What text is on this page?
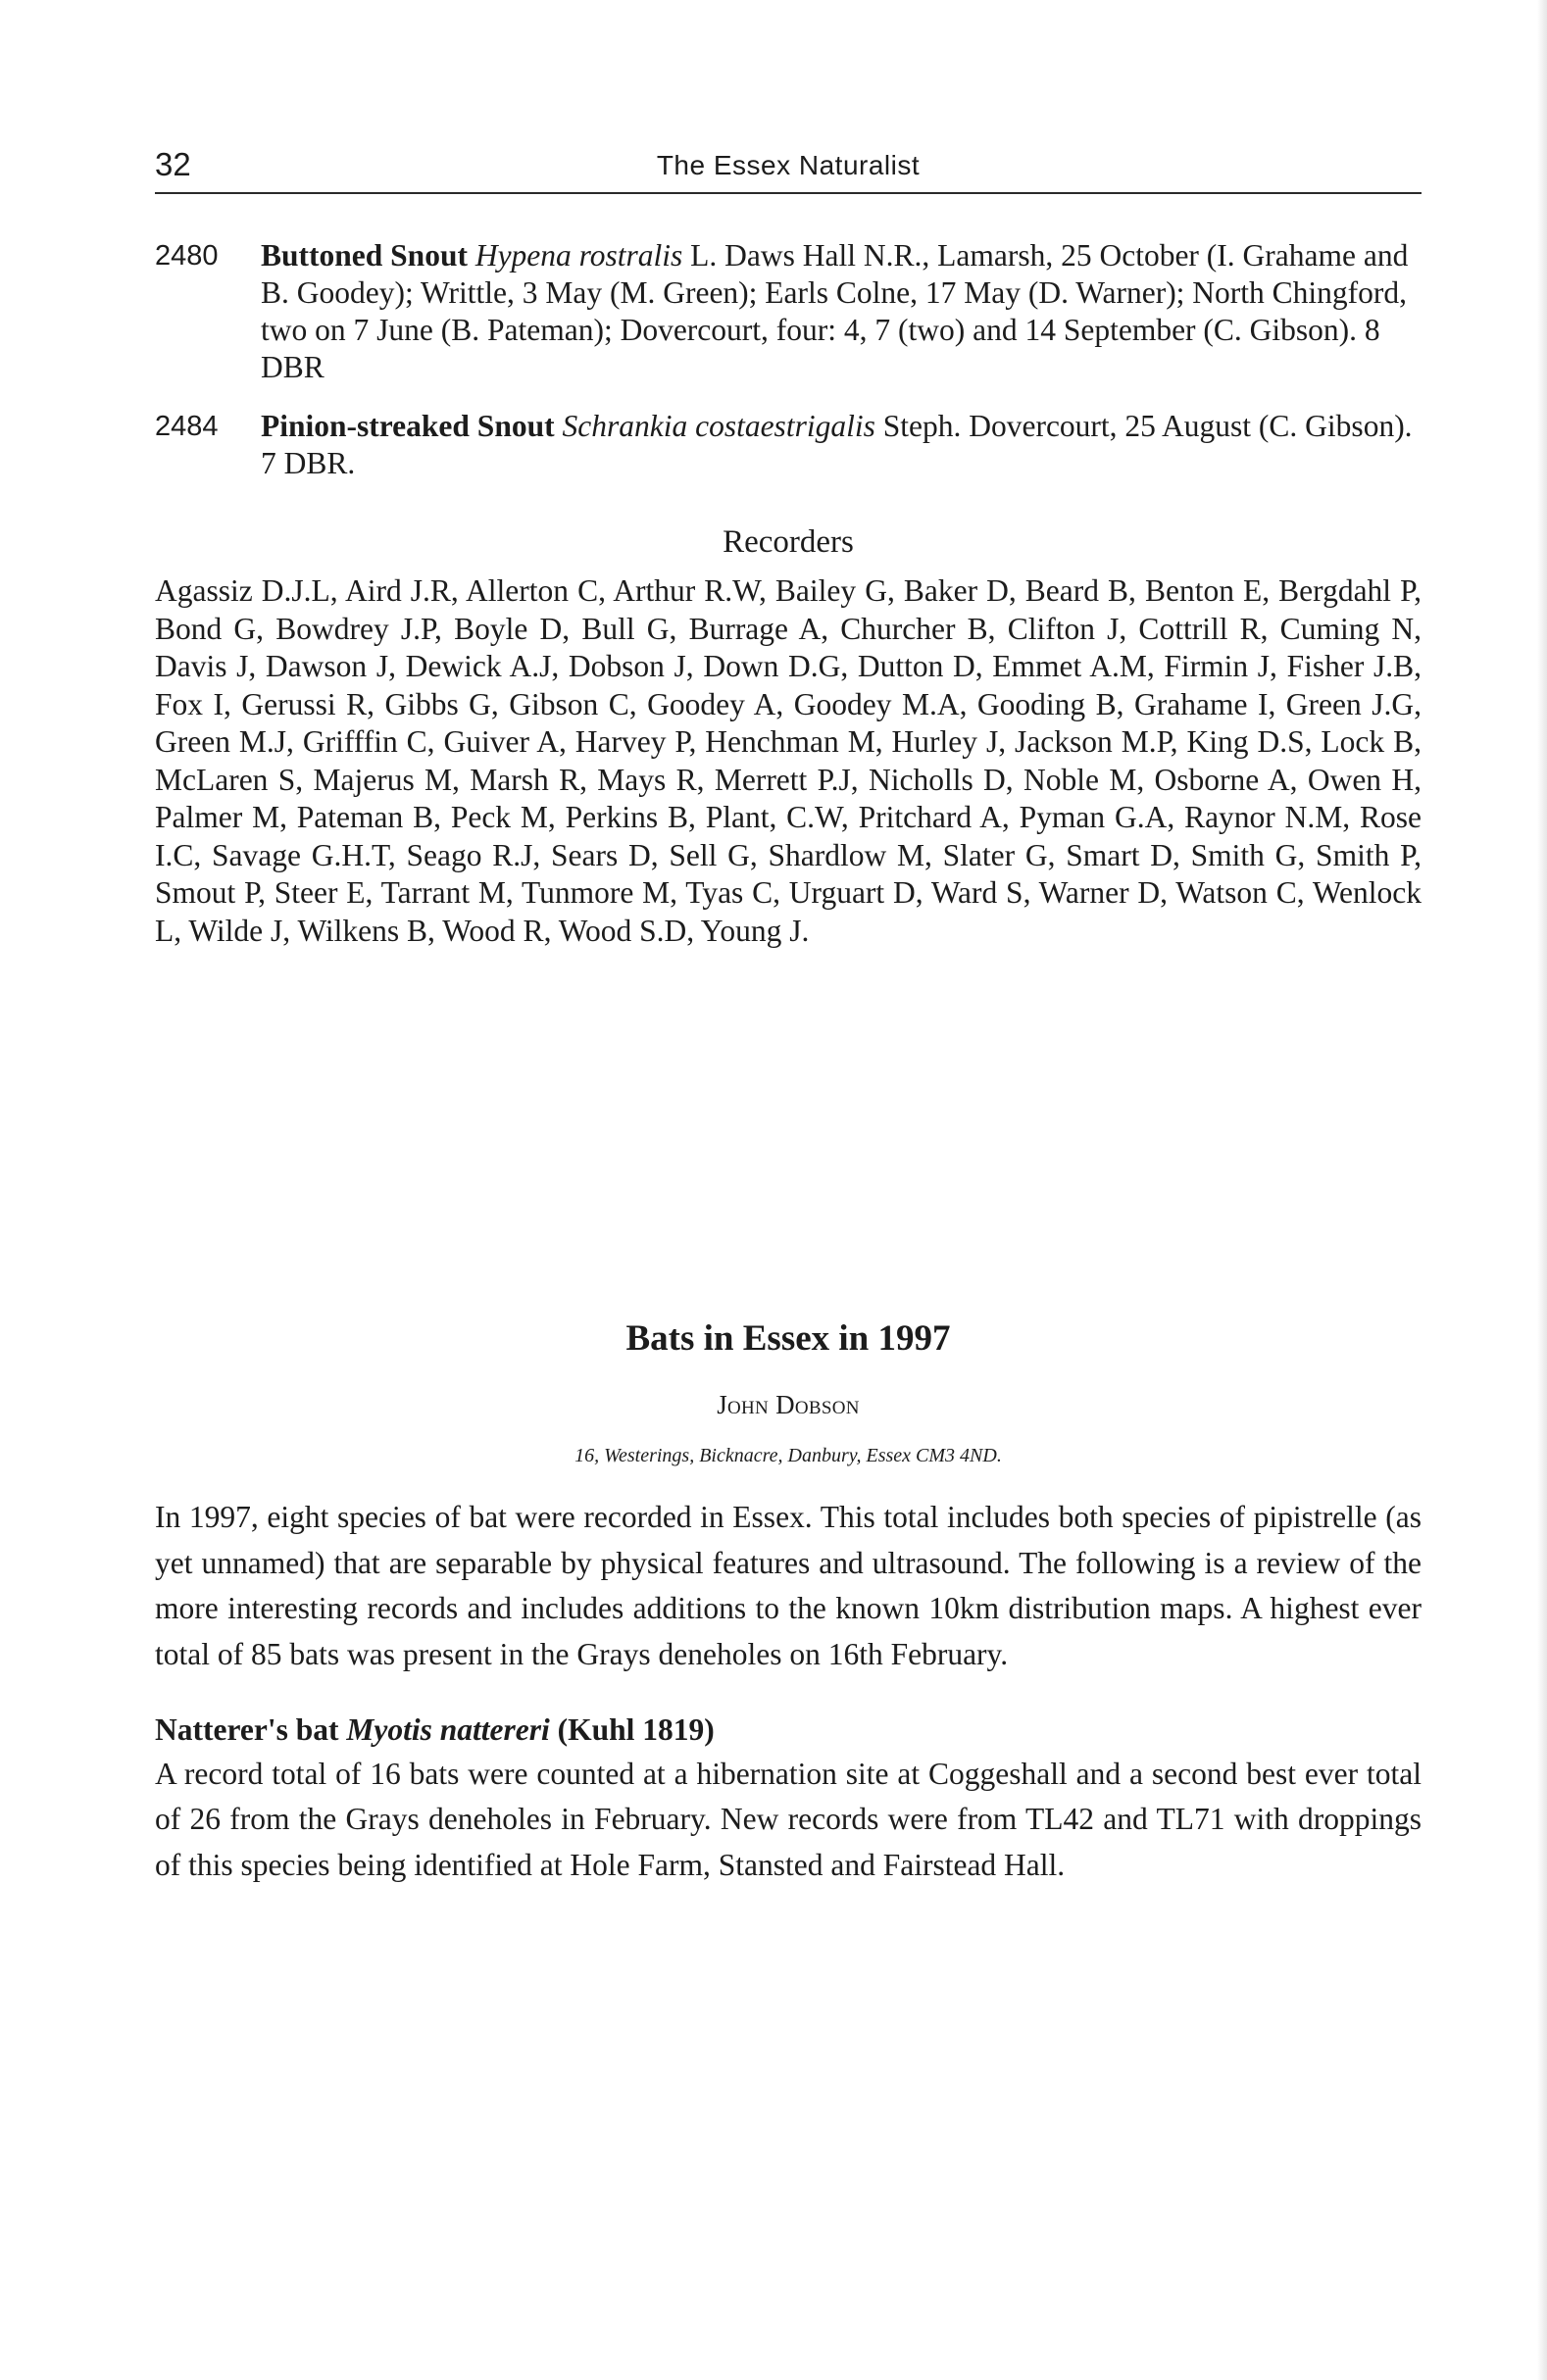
32	The Essex Naturalist
2480 Buttoned Snout Hypena rostralis L. Daws Hall N.R., Lamarsh, 25 October (I. Grahame and B. Goodey); Writtle, 3 May (M. Green); Earls Colne, 17 May (D. Warner); North Chingford, two on 7 June (B. Pateman); Dovercourt, four: 4, 7 (two) and 14 September (C. Gibson). 8 DBR
2484 Pinion-streaked Snout Schrankia costaestrigalis Steph. Dovercourt, 25 August (C. Gibson). 7 DBR.
Recorders
Agassiz D.J.L, Aird J.R, Allerton C, Arthur R.W, Bailey G, Baker D, Beard B, Benton E, Bergdahl P, Bond G, Bowdrey J.P, Boyle D, Bull G, Burrage A, Churcher B, Clifton J, Cottrill R, Cuming N, Davis J, Dawson J, Dewick A.J, Dobson J, Down D.G, Dutton D, Emmet A.M, Firmin J, Fisher J.B, Fox I, Gerussi R, Gibbs G, Gibson C, Goodey A, Goodey M.A, Gooding B, Grahame I, Green J.G, Green M.J, Grifffin C, Guiver A, Harvey P, Henchman M, Hurley J, Jackson M.P, King D.S, Lock B, McLaren S, Majerus M, Marsh R, Mays R, Merrett P.J, Nicholls D, Noble M, Osborne A, Owen H, Palmer M, Pateman B, Peck M, Perkins B, Plant, C.W, Pritchard A, Pyman G.A, Raynor N.M, Rose I.C, Savage G.H.T, Seago R.J, Sears D, Sell G, Shardlow M, Slater G, Smart D, Smith G, Smith P, Smout P, Steer E, Tarrant M, Tunmore M, Tyas C, Urguart D, Ward S, Warner D, Watson C, Wenlock L, Wilde J, Wilkens B, Wood R, Wood S.D, Young J.
Bats in Essex in 1997
John Dobson
16, Westerings, Bicknacre, Danbury, Essex CM3 4ND.

In 1997, eight species of bat were recorded in Essex. This total includes both species of pipistrelle (as yet unnamed) that are separable by physical features and ultrasound. The following is a review of the more interesting records and includes additions to the known 10km distribution maps. A highest ever total of 85 bats was present in the Grays deneholes on 16th February.

Natterer's bat Myotis nattereri (Kuhl 1819)
A record total of 16 bats were counted at a hibernation site at Coggeshall and a second best ever total of 26 from the Grays deneholes in February. New records were from TL42 and TL71 with droppings of this species being identified at Hole Farm, Stansted and Fairstead Hall.
